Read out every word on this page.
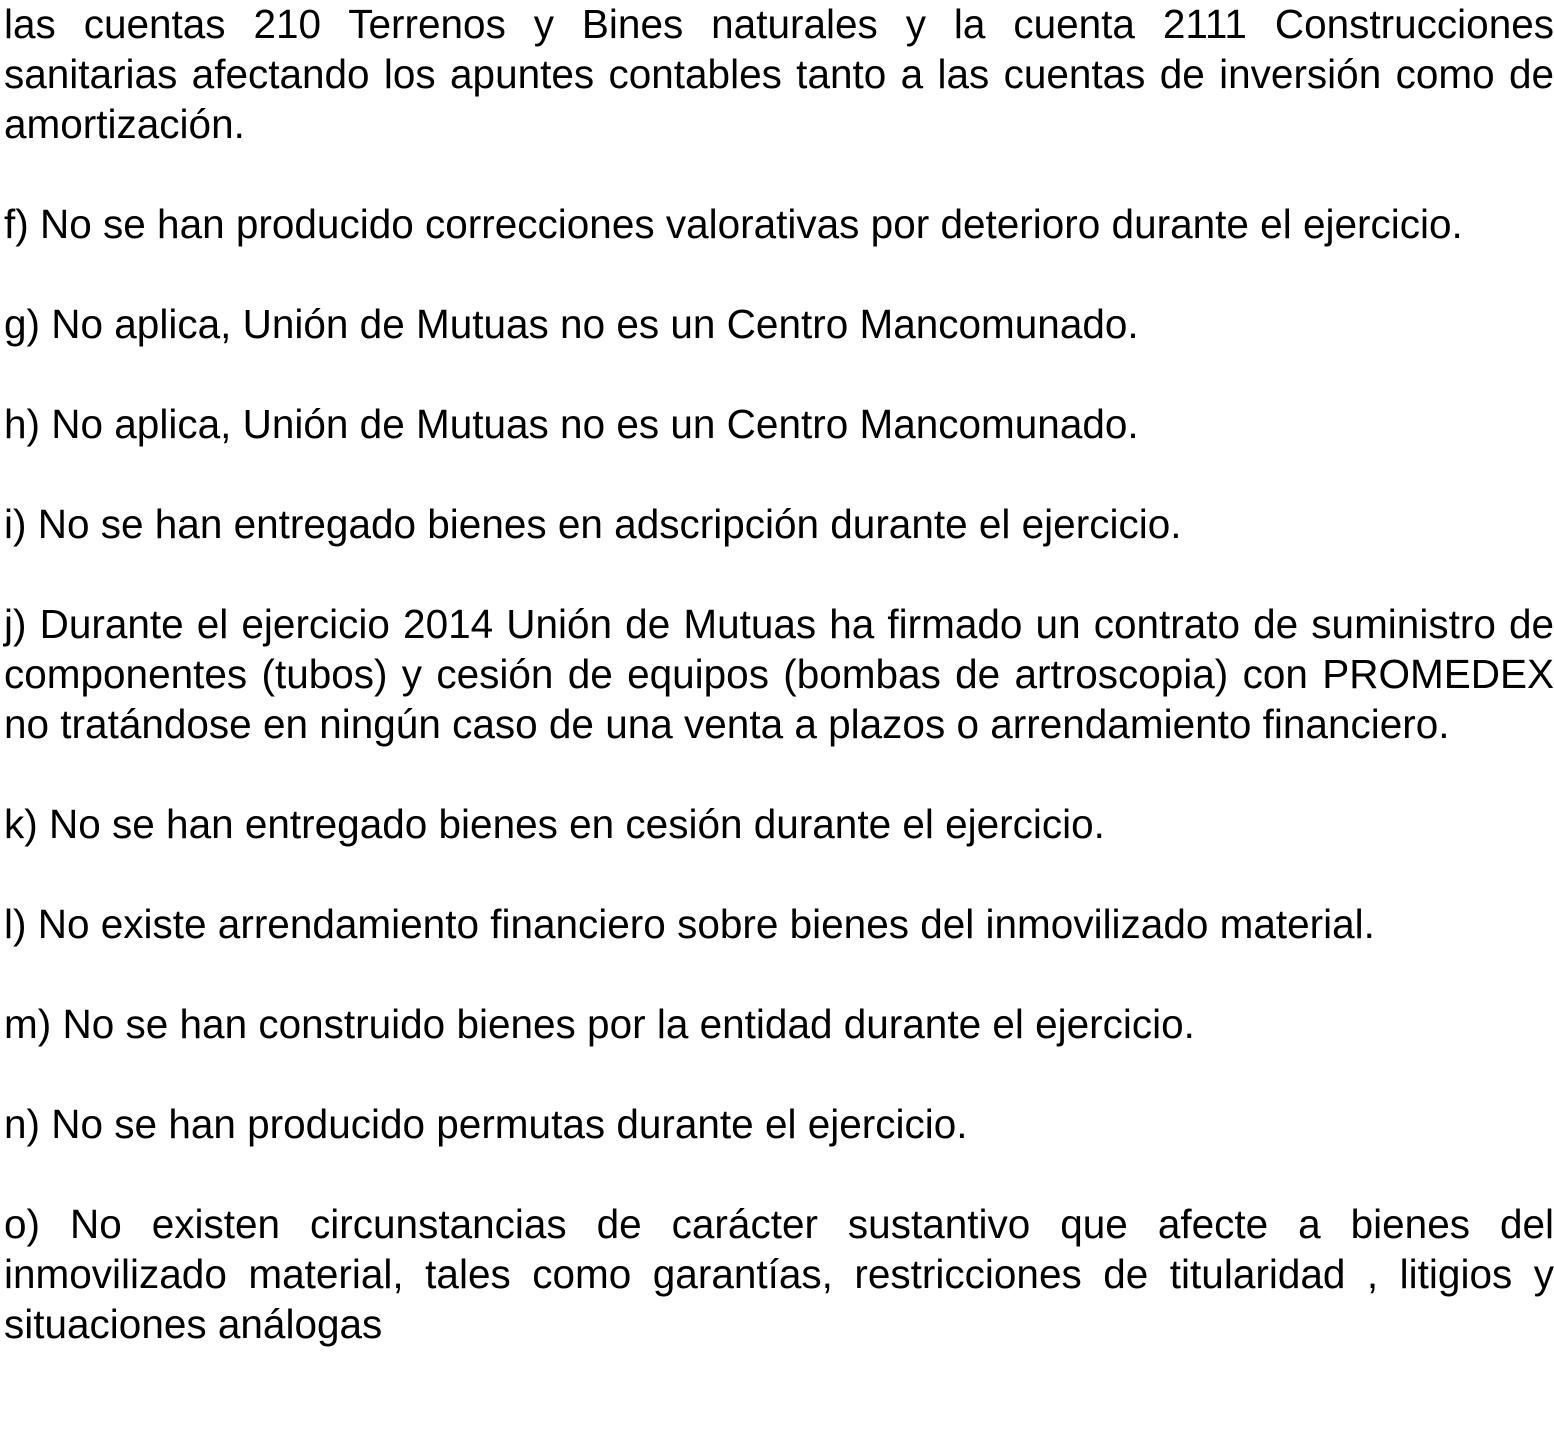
las cuentas 210 Terrenos y Bines naturales y la cuenta 2111 Construcciones sanitarias afectando los apuntes contables tanto a las cuentas de inversión como de amortización.

f) No se han producido correcciones valorativas por deterioro durante el ejercicio.

g) No aplica, Unión de Mutuas no es un Centro Mancomunado.

h) No aplica, Unión de Mutuas no es un Centro Mancomunado.

i) No se han entregado bienes en adscripción durante el ejercicio.

j) Durante el ejercicio 2014 Unión de Mutuas ha firmado un contrato de suministro de componentes (tubos) y cesión de equipos (bombas de artroscopia) con PROMEDEX no tratándose en ningún caso de una venta a plazos o arrendamiento financiero.

k) No se han entregado bienes en cesión durante el ejercicio.

l) No existe arrendamiento financiero sobre bienes del inmovilizado material.

m) No se han construido bienes por la entidad durante el ejercicio.

n) No se han producido permutas durante el ejercicio.

o) No existen circunstancias de carácter sustantivo que afecte a bienes del inmovilizado material, tales como garantías, restricciones de titularidad , litigios y situaciones análogas
